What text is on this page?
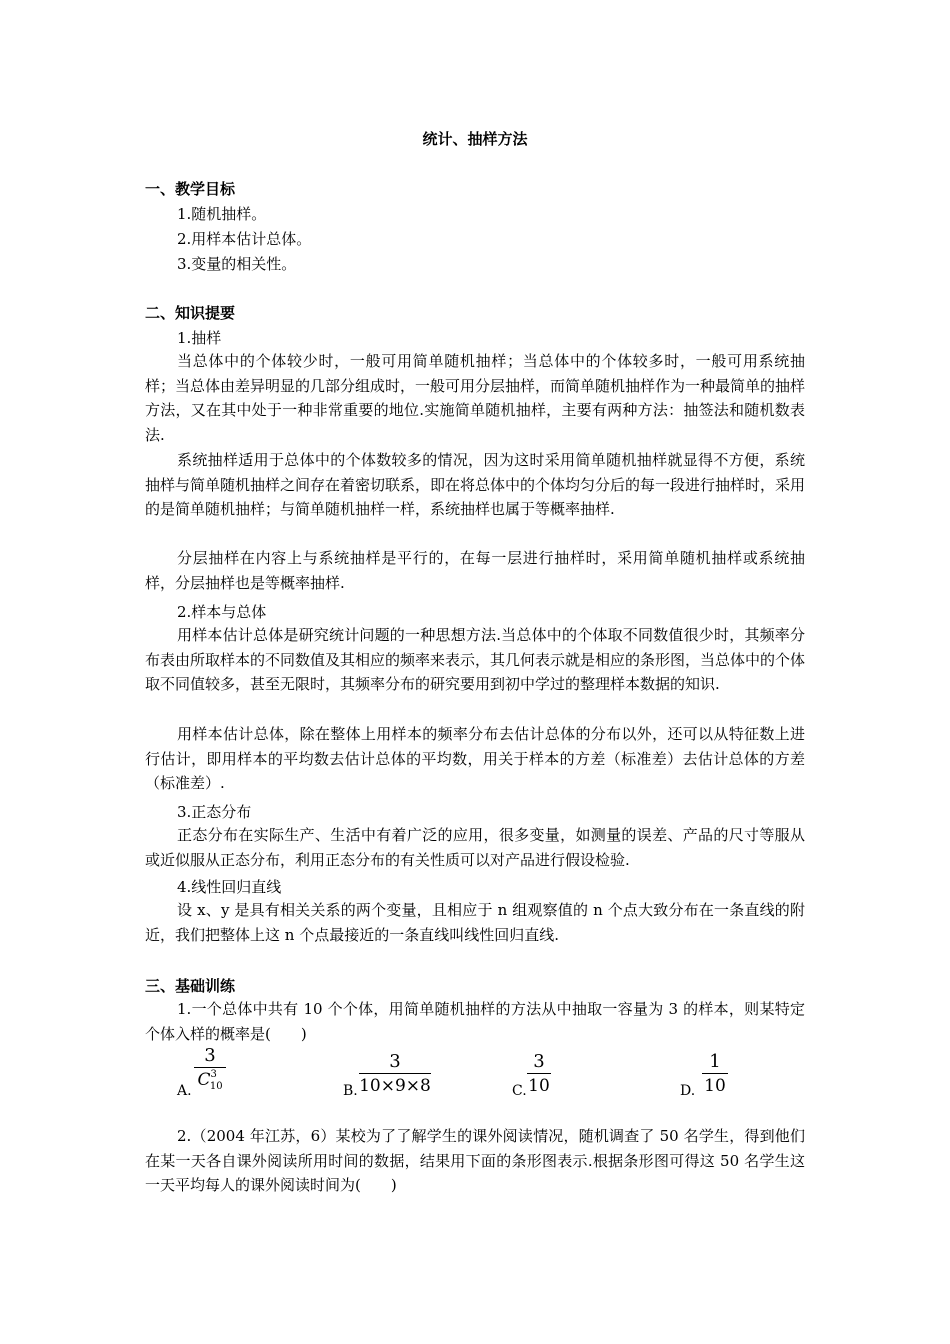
统计、抽样方法
一、教学目标
1.随机抽样。
2.用样本估计总体。
3.变量的相关性。
二、知识提要
1.抽样
当总体中的个体较少时，一般可用简单随机抽样；当总体中的个体较多时，一般可用系统抽样；当总体由差异明显的几部分组成时，一般可用分层抽样，而简单随机抽样作为一种最简单的抽样方法，又在其中处于一种非常重要的地位.实施简单随机抽样，主要有两种方法：抽签法和随机数表法.
系统抽样适用于总体中的个体数较多的情况，因为这时采用简单随机抽样就显得不方便，系统抽样与简单随机抽样之间存在着密切联系，即在将总体中的个体均匀分后的每一段进行抽样时，采用的是简单随机抽样；与简单随机抽样一样，系统抽样也属于等概率抽样.
分层抽样在内容上与系统抽样是平行的，在每一层进行抽样时，采用简单随机抽样或系统抽样，分层抽样也是等概率抽样.
2.样本与总体
用样本估计总体是研究统计问题的一种思想方法.当总体中的个体取不同数值很少时，其频率分布表由所取样本的不同数值及其相应的频率来表示，其几何表示就是相应的条形图，当总体中的个体取不同值较多，甚至无限时，其频率分布的研究要用到初中学过的整理样本数据的知识.
用样本估计总体，除在整体上用样本的频率分布去估计总体的分布以外，还可以从特征数上进行估计，即用样本的平均数去估计总体的平均数，用关于样本的方差（标准差）去估计总体的方差（标准差）.
3.正态分布
正态分布在实际生产、生活中有着广泛的应用，很多变量，如测量的误差、产品的尺寸等服从或近似服从正态分布，利用正态分布的有关性质可以对产品进行假设检验.
4.线性回归直线
设 x、y 是具有相关关系的两个变量，且相应于 n 组观察值的 n 个点大致分布在一条直线的附近，我们把整体上这 n 个点最接近的一条直线叫线性回归直线.
三、基础训练
1.一个总体中共有 10 个个体，用简单随机抽样的方法从中抽取一容量为 3 的样本，则某特定个体入样的概率是(　　)
A.
3
$C^3_{10}$	B.
3
10×9×8	C.
3
10	D.
1
10
2.（2004 年江苏，6）某校为了了解学生的课外阅读情况，随机调查了 50 名学生，得到他们在某一天各自课外阅读所用时间的数据，结果用下面的条形图表示.根据条形图可得这 50 名学生这一天平均每人的课外阅读时间为(　　)
